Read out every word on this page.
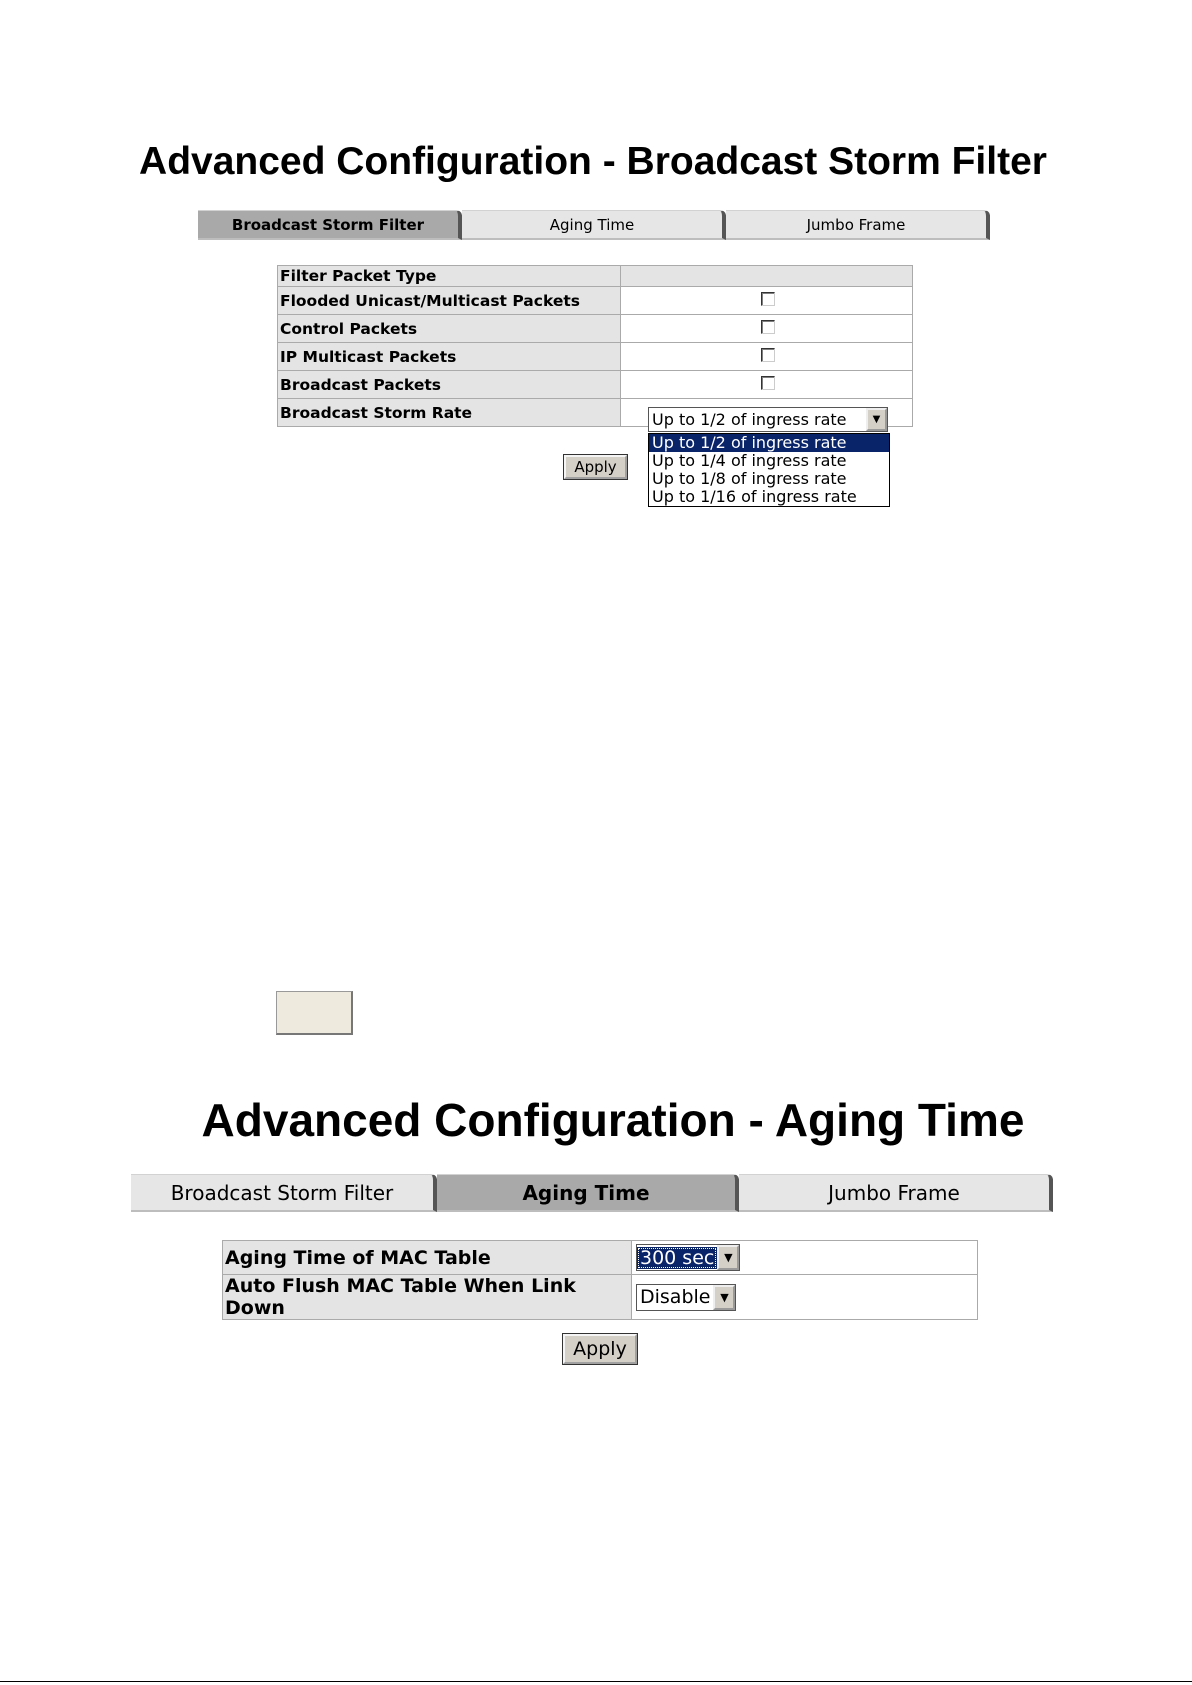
Advanced Configuration - Broadcast Storm Filter
Broadcast Storm Filter	Aging Time	Jumbo Frame
Filter Packet Type	
Flooded Unicast/Multicast Packets	
Control Packets	
IP Multicast Packets	
Broadcast Packets	
Broadcast Storm Rate		Up to 1/2 of ingress rate	▼
Up to 1/2 of ingress rate
Up to 1/4 of ingress rate
Up to 1/8 of ingress rate
Up to 1/16 of ingress rate
Apply
Advanced Configuration - Aging Time
Broadcast Storm Filter	Aging Time	Jumbo Frame
Aging Time of MAC Table	300 sec ▼

Auto Flush MAC Table When Link Down	Disable ▼
Apply
